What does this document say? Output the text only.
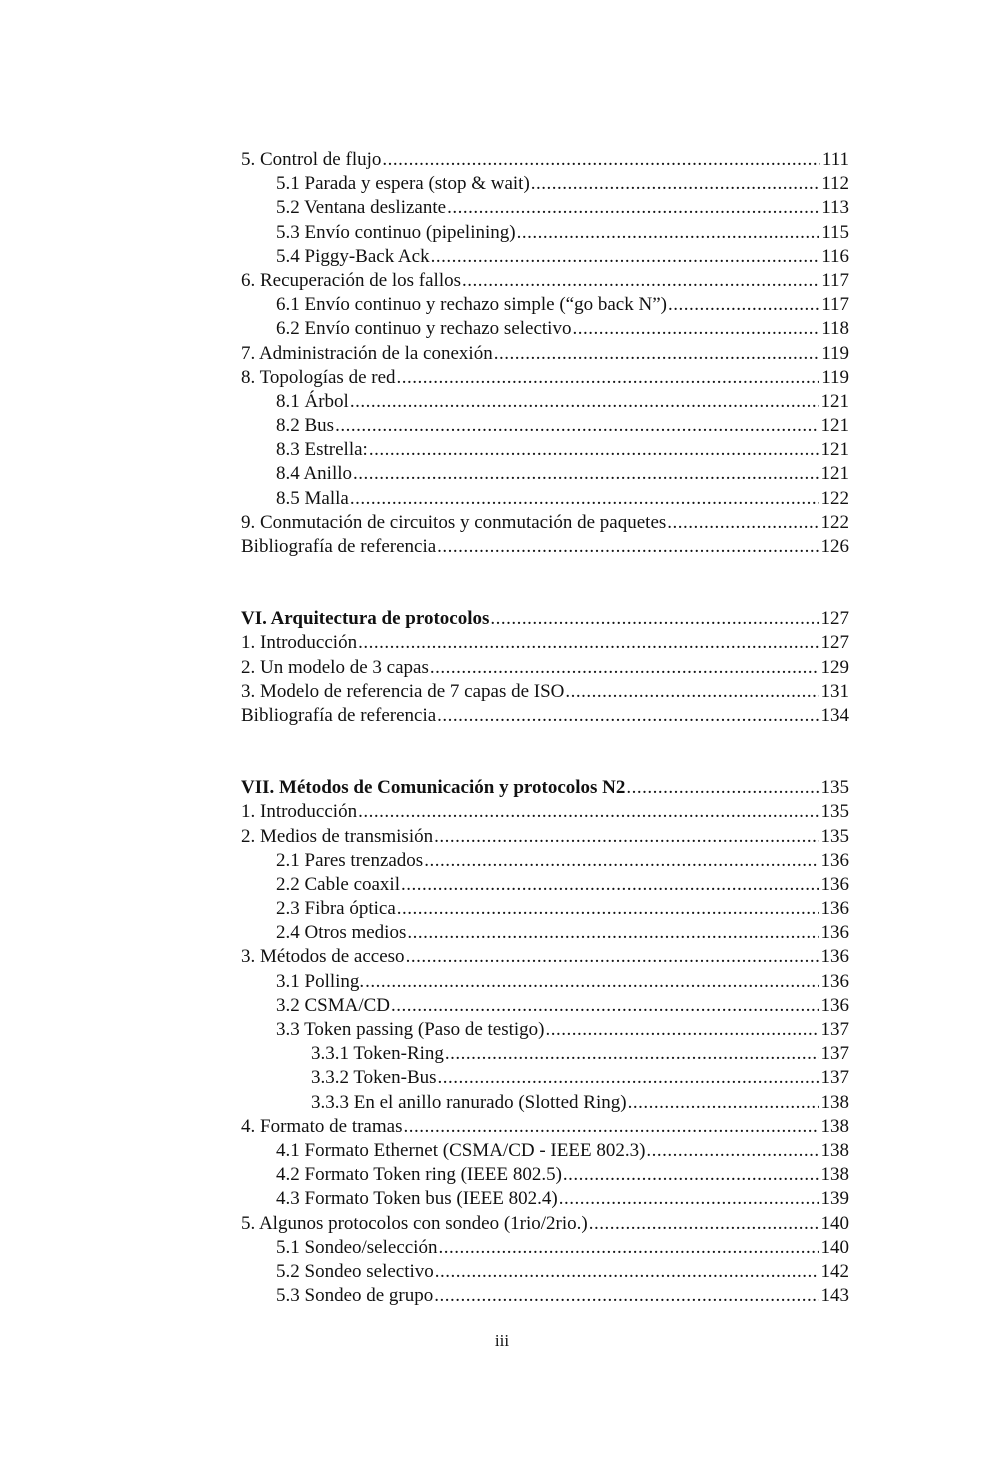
5. Control de flujo .....	111
5.1 Parada y espera (stop & wait) .....	112
5.2 Ventana deslizante .....	113
5.3 Envío continuo (pipelining) .....	115
5.4 Piggy-Back Ack .....	116
6. Recuperación de los fallos .....	117
6.1 Envío continuo y rechazo simple (“go back N”) .....	117
6.2 Envío continuo y rechazo selectivo .....	118
7. Administración de la conexión .....	119
8. Topologías de red .....	119
8.1 Árbol .....	121
8.2 Bus .....	121
8.3 Estrella: .....	121
8.4 Anillo .....	121
8.5 Malla .....	122
9. Conmutación de circuitos y conmutación de paquetes .....	122
Bibliografía de referencia .....	126
VI. Arquitectura de protocolos .....	127
1. Introducción .....	127
2. Un modelo de 3 capas .....	129
3. Modelo de referencia de 7 capas de ISO .....	131
Bibliografía de referencia .....	134
VII. Métodos de Comunicación y protocolos N2 .....	135
1. Introducción .....	135
2. Medios de transmisión .....	135
2.1 Pares trenzados .....	136
2.2 Cable coaxil .....	136
2.3 Fibra óptica .....	136
2.4 Otros medios .....	136
3. Métodos de acceso .....	136
3.1 Polling. .....	136
3.2 CSMA/CD .....	136
3.3 Token passing (Paso de testigo) .....	137
3.3.1 Token-Ring .....	137
3.3.2 Token-Bus .....	137
3.3.3 En el anillo ranurado (Slotted Ring) .....	138
4. Formato de tramas .....	138
4.1 Formato Ethernet (CSMA/CD - IEEE 802.3) .....	138
4.2 Formato Token ring (IEEE 802.5) .....	138
4.3 Formato Token bus (IEEE 802.4) .....	139
5. Algunos protocolos con sondeo (1rio/2rio.) .....	140
5.1 Sondeo/selección .....	140
5.2 Sondeo selectivo .....	142
5.3 Sondeo de grupo .....	143
iii
